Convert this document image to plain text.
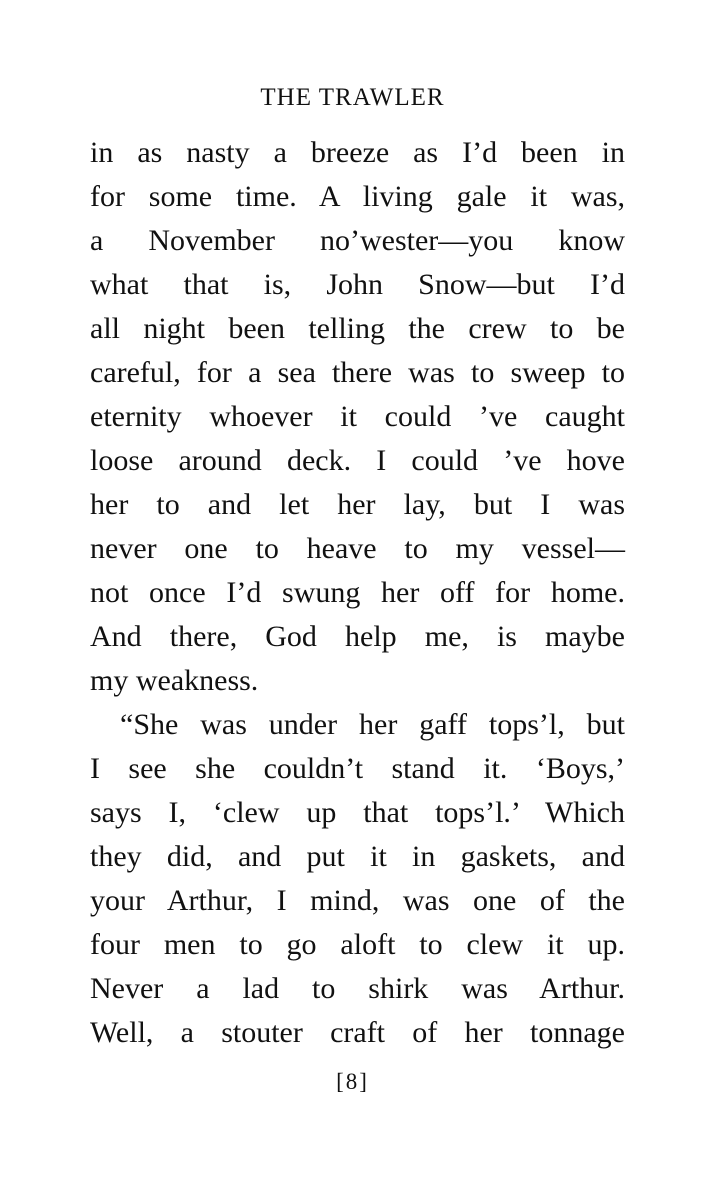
THE TRAWLER
in as nasty a breeze as I’d been in
for some time. A living gale it was,
a November no’wester—you know
what that is, John Snow—but I’d
all night been telling the crew to be
careful, for a sea there was to sweep to
eternity whoever it could ’ve caught
loose around deck. I could ’ve hove
her to and let her lay, but I was
never one to heave to my vessel—
not once I’d swung her off for home.
And there, God help me, is maybe
my weakness.
“She was under her gaff tops’l, but
I see she couldn’t stand it. ‘Boys,’
says I, ‘clew up that tops’l.’ Which
they did, and put it in gaskets, and
your Arthur, I mind, was one of the
four men to go aloft to clew it up.
Never a lad to shirk was Arthur.
Well, a stouter craft of her tonnage
[8]
